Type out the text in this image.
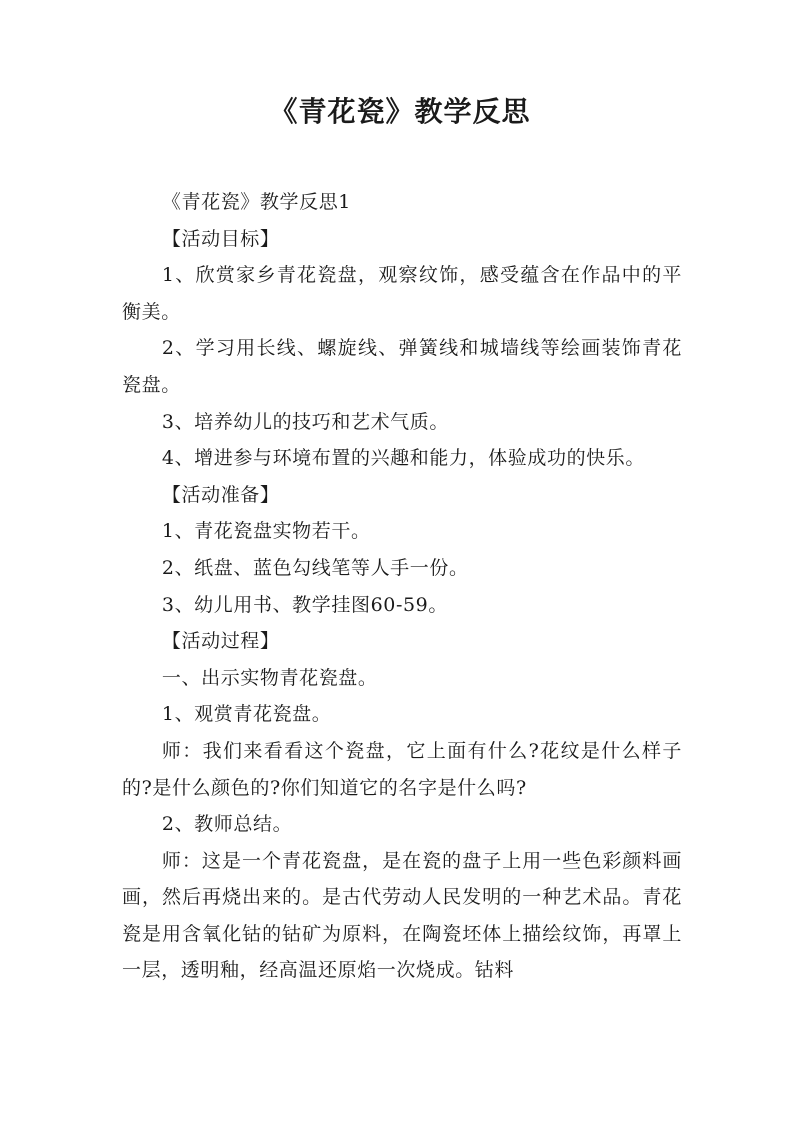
《青花瓷》教学反思

《青花瓷》教学反思1

【活动目标】

1、欣赏家乡青花瓷盘，观察纹饰，感受蕴含在作品中的平衡美。

2、学习用长线、螺旋线、弹簧线和城墙线等绘画装饰青花瓷盘。

3、培养幼儿的技巧和艺术气质。

4、增进参与环境布置的兴趣和能力，体验成功的快乐。

【活动准备】

1、青花瓷盘实物若干。

2、纸盘、蓝色勾线笔等人手一份。

3、幼儿用书、教学挂图60-59。

【活动过程】

一、出示实物青花瓷盘。

1、观赏青花瓷盘。

师：我们来看看这个瓷盘，它上面有什么?花纹是什么样子的?是什么颜色的?你们知道它的名字是什么吗?

2、教师总结。

师：这是一个青花瓷盘，是在瓷的盘子上用一些色彩颜料画画，然后再烧出来的。是古代劳动人民发明的一种艺术品。青花瓷是用含氧化钴的钴矿为原料，在陶瓷坯体上描绘纹饰，再罩上一层，透明釉，经高温还原焰一次烧成。钴料
